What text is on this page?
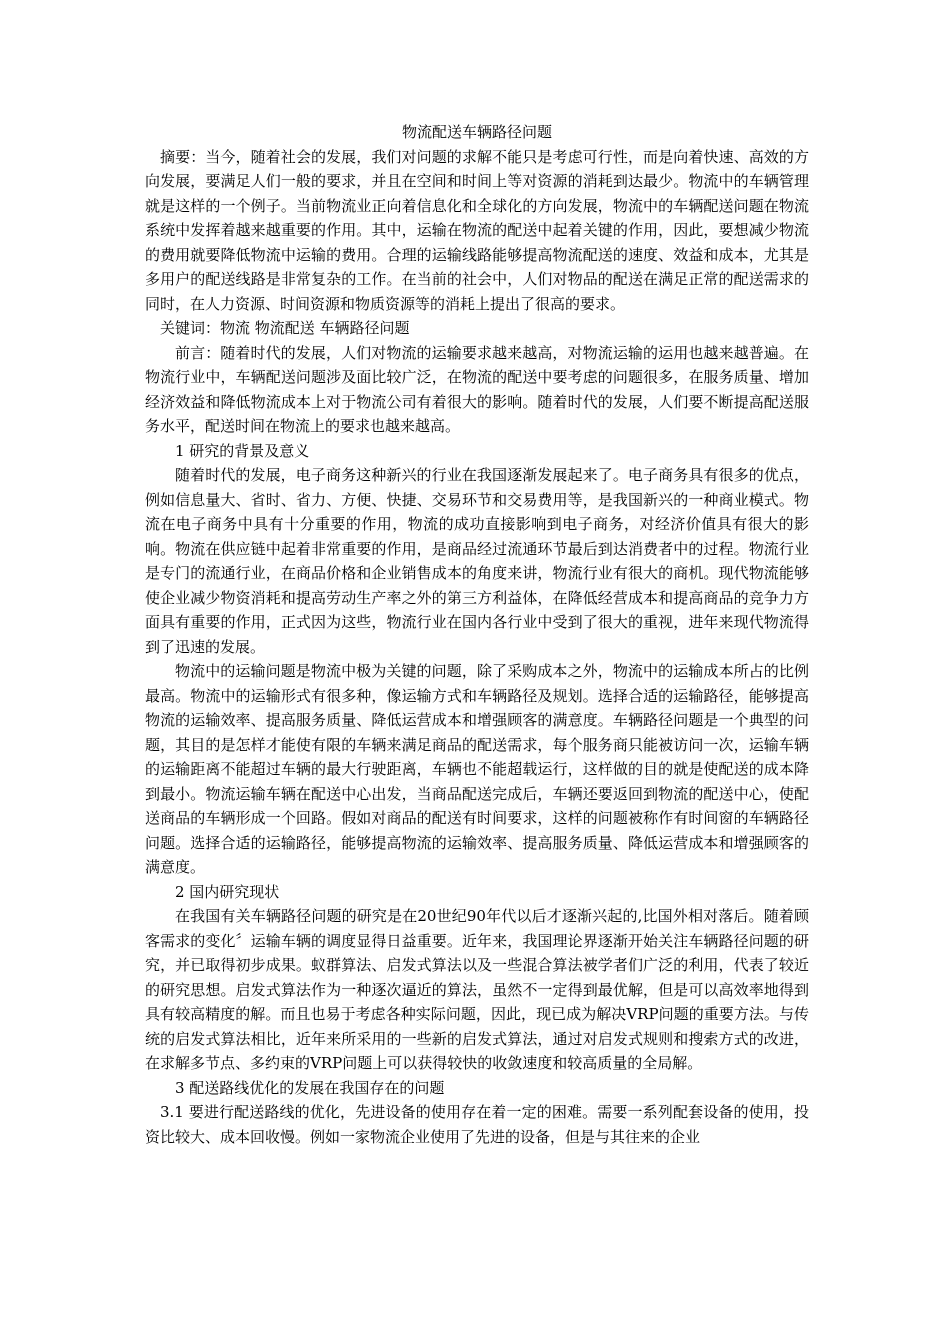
物流配送车辆路径问题

摘要：当今，随着社会的发展，我们对问题的求解不能只是考虑可行性，而是向着快速、高效的方向发展，要满足人们一般的要求，并且在空间和时间上等对资源的消耗到达最少。物流中的车辆管理就是这样的一个例子。当前物流业正向着信息化和全球化的方向发展，物流中的车辆配送问题在物流系统中发挥着越来越重要的作用。其中，运输在物流的配送中起着关键的作用，因此，要想减少物流的费用就要降低物流中运输的费用。合理的运输线路能够提高物流配送的速度、效益和成本，尤其是多用户的配送线路是非常复杂的工作。在当前的社会中，人们对物品的配送在满足正常的配送需求的同时，在人力资源、时间资源和物质资源等的消耗上提出了很高的要求。

关键词：物流 物流配送 车辆路径问题

前言：随着时代的发展，人们对物流的运输要求越来越高，对物流运输的运用也越来越普遍。在物流行业中，车辆配送问题涉及面比较广泛，在物流的配送中要考虑的问题很多，在服务质量、增加经济效益和降低物流成本上对于物流公司有着很大的影响。随着时代的发展，人们要不断提高配送服务水平，配送时间在物流上的要求也越来越高。

1 研究的背景及意义

随着时代的发展，电子商务这种新兴的行业在我国逐渐发展起来了。电子商务具有很多的优点，例如信息量大、省时、省力、方便、快捷、交易环节和交易费用等，是我国新兴的一种商业模式。物流在电子商务中具有十分重要的作用，物流的成功直接影响到电子商务，对经济价值具有很大的影响。物流在供应链中起着非常重要的作用，是商品经过流通环节最后到达消费者中的过程。物流行业是专门的流通行业，在商品价格和企业销售成本的角度来讲，物流行业有很大的商机。现代物流能够使企业减少物资消耗和提高劳动生产率之外的第三方利益体，在降低经营成本和提高商品的竞争力方面具有重要的作用，正式因为这些，物流行业在国内各行业中受到了很大的重视，进年来现代物流得到了迅速的发展。

物流中的运输问题是物流中极为关键的问题，除了采购成本之外，物流中的运输成本所占的比例最高。物流中的运输形式有很多种，像运输方式和车辆路径及规划。选择合适的运输路径，能够提高物流的运输效率、提高服务质量、降低运营成本和增强顾客的满意度。车辆路径问题是一个典型的问题，其目的是怎样才能使有限的车辆来满足商品的配送需求，每个服务商只能被访问一次，运输车辆的运输距离不能超过车辆的最大行驶距离，车辆也不能超载运行，这样做的目的就是使配送的成本降到最小。物流运输车辆在配送中心出发，当商品配送完成后，车辆还要返回到物流的配送中心，使配送商品的车辆形成一个回路。假如对商品的配送有时间要求，这样的问题被称作有时间窗的车辆路径问题。选择合适的运输路径，能够提高物流的运输效率、提高服务质量、降低运营成本和增强顾客的满意度。

2 国内研究现状

在我国有关车辆路径问题的研究是在20世纪90年代以后才逐渐兴起的,比国外相对落后。随着顾客需求的变化〞运输车辆的调度显得日益重要。近年来，我国理论界逐渐开始关注车辆路径问题的研究，并已取得初步成果。蚁群算法、启发式算法以及一些混合算法被学者们广泛的利用，代表了较近的研究思想。启发式算法作为一种逐次逼近的算法，虽然不一定得到最优解，但是可以高效率地得到具有较高精度的解。而且也易于考虑各种实际问题，因此，现已成为解决VRP问题的重要方法。与传统的启发式算法相比，近年来所采用的一些新的启发式算法，通过对启发式规则和搜索方式的改进，在求解多节点、多约束的VRP问题上可以获得较快的收敛速度和较高质量的全局解。

3 配送路线优化的发展在我国存在的问题

3.1 要进行配送路线的优化，先进设备的使用存在着一定的困难。需要一系列配套设备的使用，投资比较大、成本回收慢。例如一家物流企业使用了先进的设备，但是与其往来的企业
